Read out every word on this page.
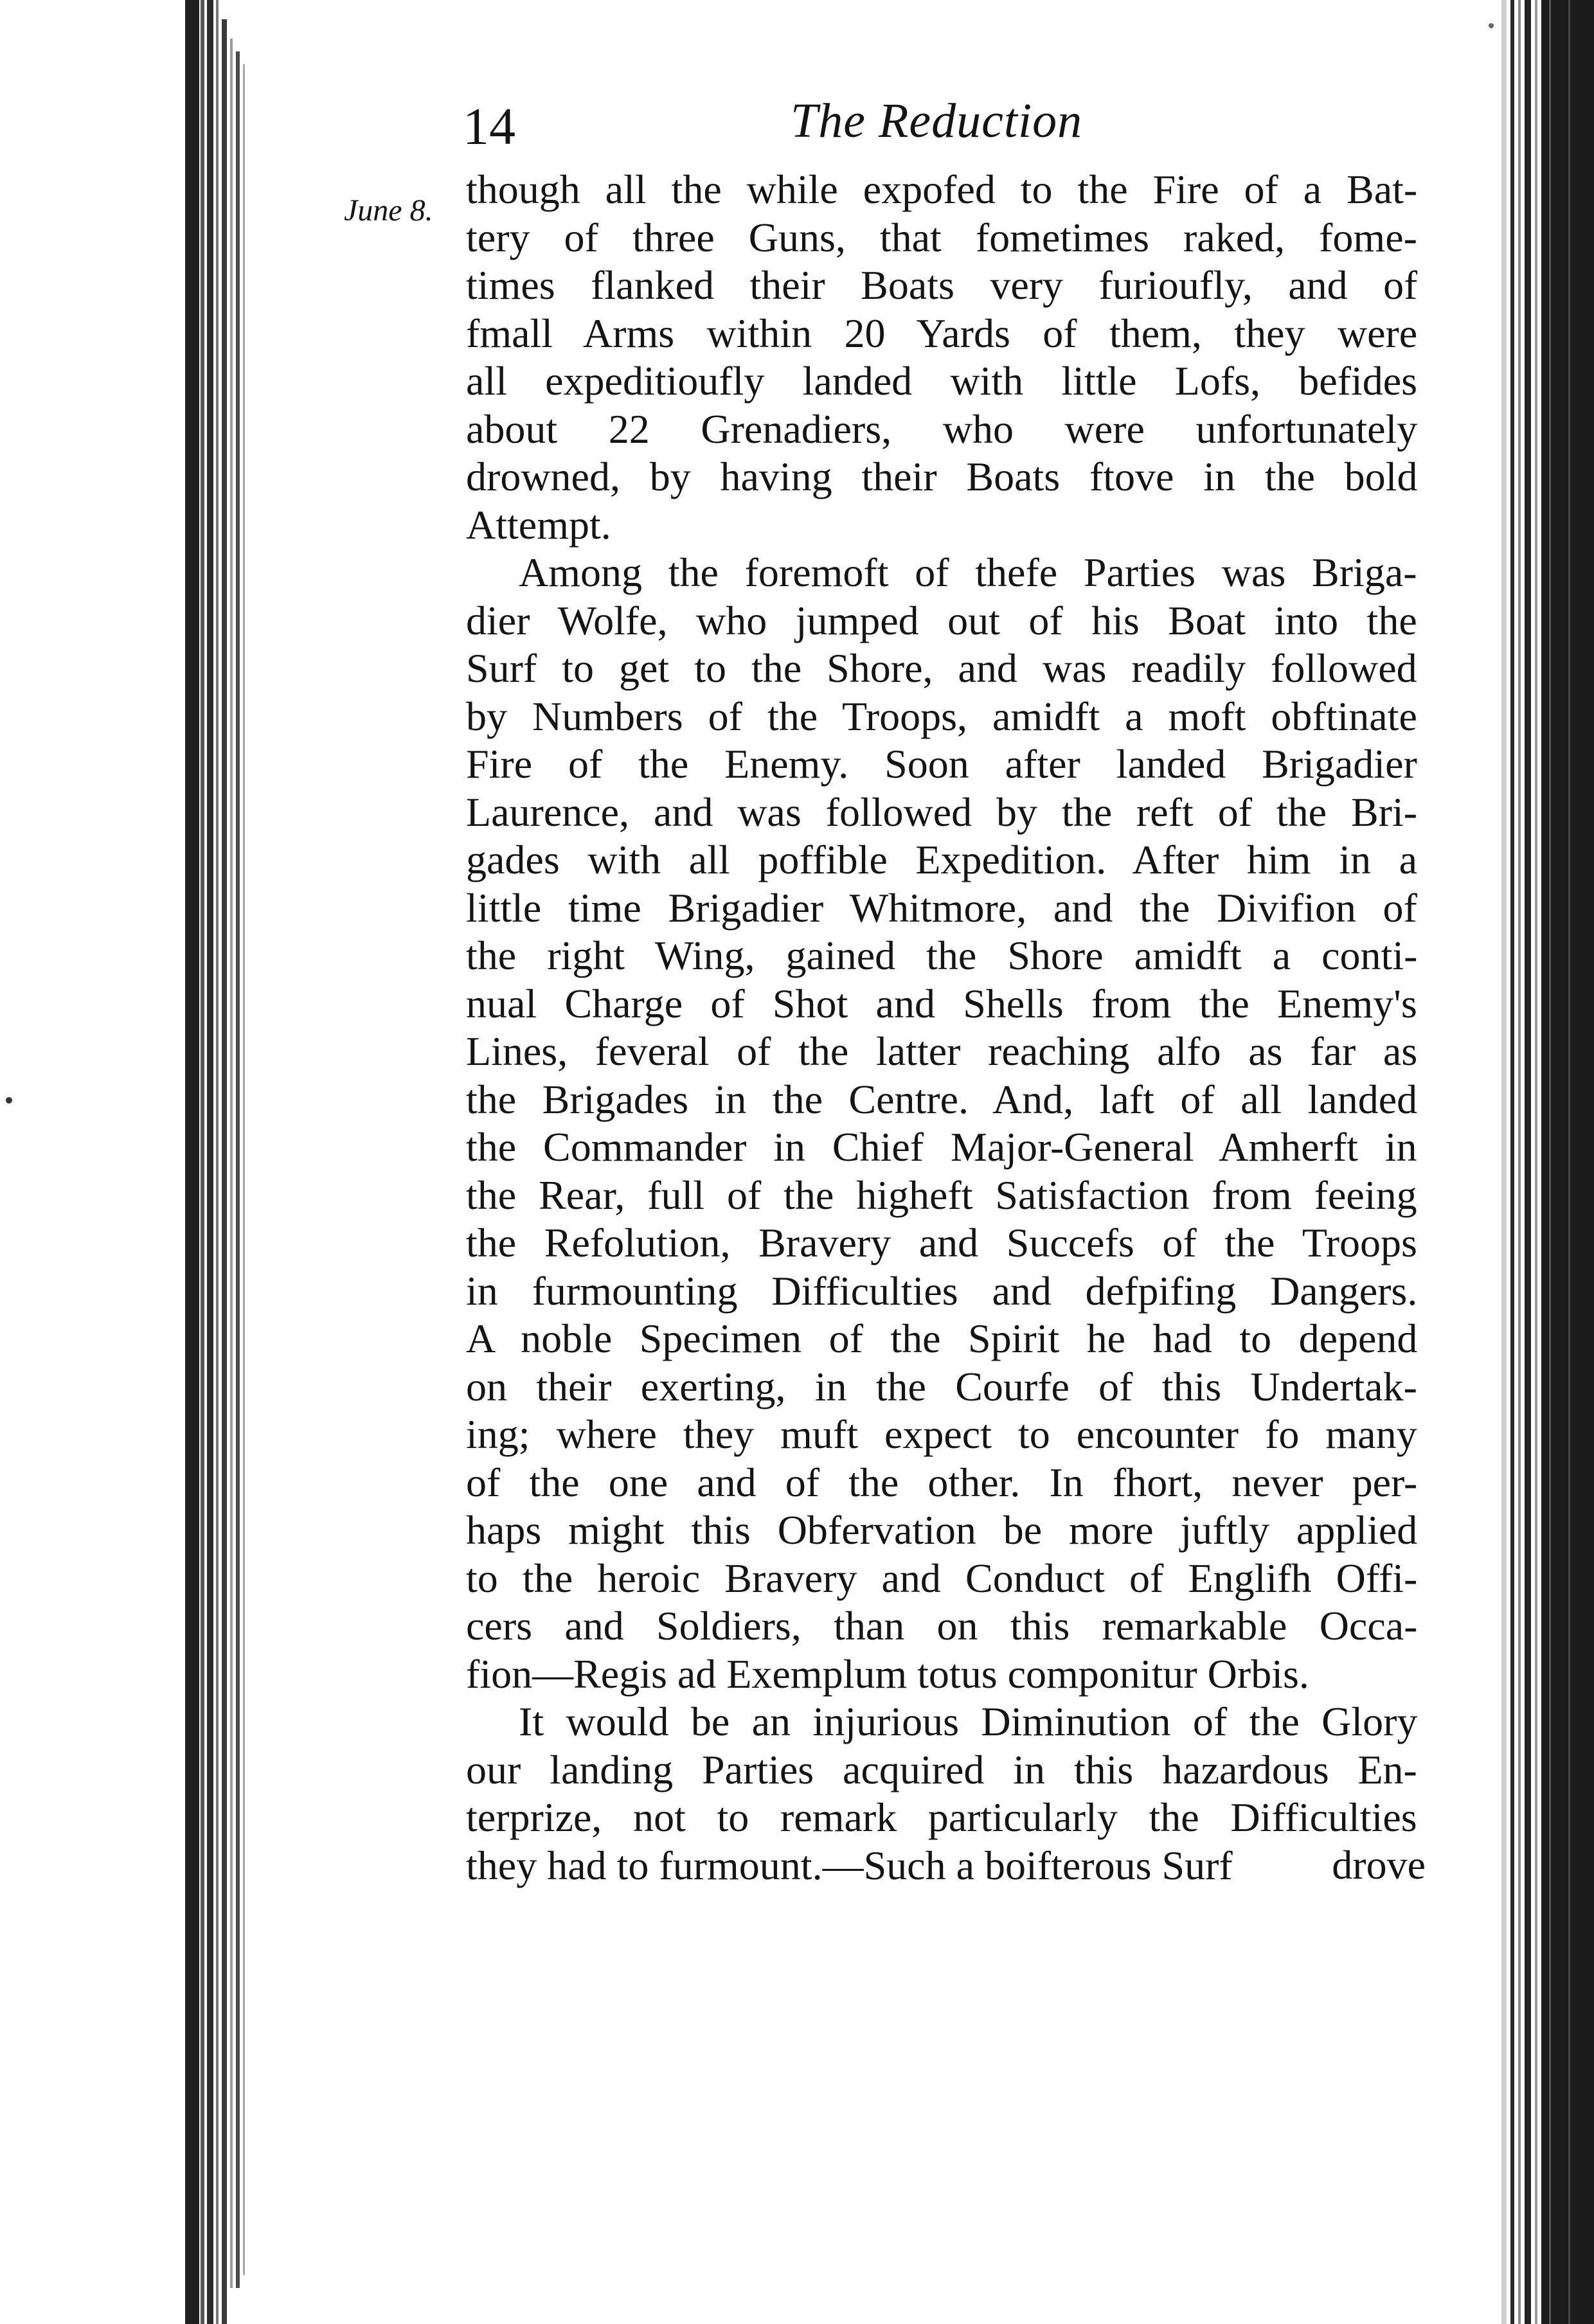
14	The Reduction
June 8. though all the while expofed to the Fire of a Bat-
tery of three Guns, that fometimes raked, fome-
times flanked their Boats very furioufly, and of
fmall Arms within 20 Yards of them, they were
all expeditioufly landed with little Lofs, befides
about 22 Grenadiers, who were unfortunately
drowned, by having their Boats ftove in the bold
Attempt.
Among the foremoft of thefe Parties was Briga-
dier Wolfe, who jumped out of his Boat into the
Surf to get to the Shore, and was readily followed
by Numbers of the Troops, amidft a moft obftinate
Fire of the Enemy. Soon after landed Brigadier
Laurence, and was followed by the reft of the Bri-
gades with all poffible Expedition. After him in a
little time Brigadier Whitmore, and the Divifion of
the right Wing, gained the Shore amidft a conti-
nual Charge of Shot and Shells from the Enemy's
Lines, feveral of the latter reaching alfo as far as
the Brigades in the Centre. And, laft of all landed
the Commander in Chief Major-General Amherft in
the Rear, full of the higheft Satisfaction from feeing
the Refolution, Bravery and Succefs of the Troops
in furmounting Difficulties and defpifing Dangers.
A noble Specimen of the Spirit he had to depend
on their exerting, in the Courfe of this Undertak-
ing; where they muft expect to encounter fo many
of the one and of the other. In fhort, never per-
haps might this Obfervation be more juftly applied
to the heroic Bravery and Conduct of Englifh Offi-
cers and Soldiers, than on this remarkable Occa-
fion—Regis ad Exemplum totus componitur Orbis.
It would be an injurious Diminution of the Glory
our landing Parties acquired in this hazardous En-
terprize, not to remark particularly the Difficulties
they had to furmount.—Such a boifterous Surf	drove
